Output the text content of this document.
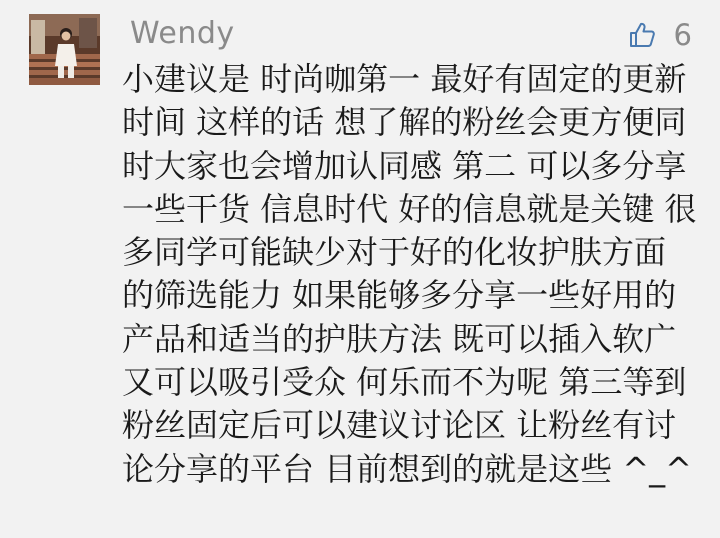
Wendy	6

小建议是 时尚咖第一 最好有固定的更新
时间 这样的话 想了解的粉丝会更方便同
时大家也会增加认同感 第二 可以多分享
一些干货 信息时代 好的信息就是关键 很
多同学可能缺少对于好的化妆护肤方面
的筛选能力 如果能够多分享一些好用的
产品和适当的护肤方法 既可以插入软广
又可以吸引受众 何乐而不为呢 第三等到
粉丝固定后可以建议讨论区 让粉丝有讨
论分享的平台 目前想到的就是这些 ^_^
